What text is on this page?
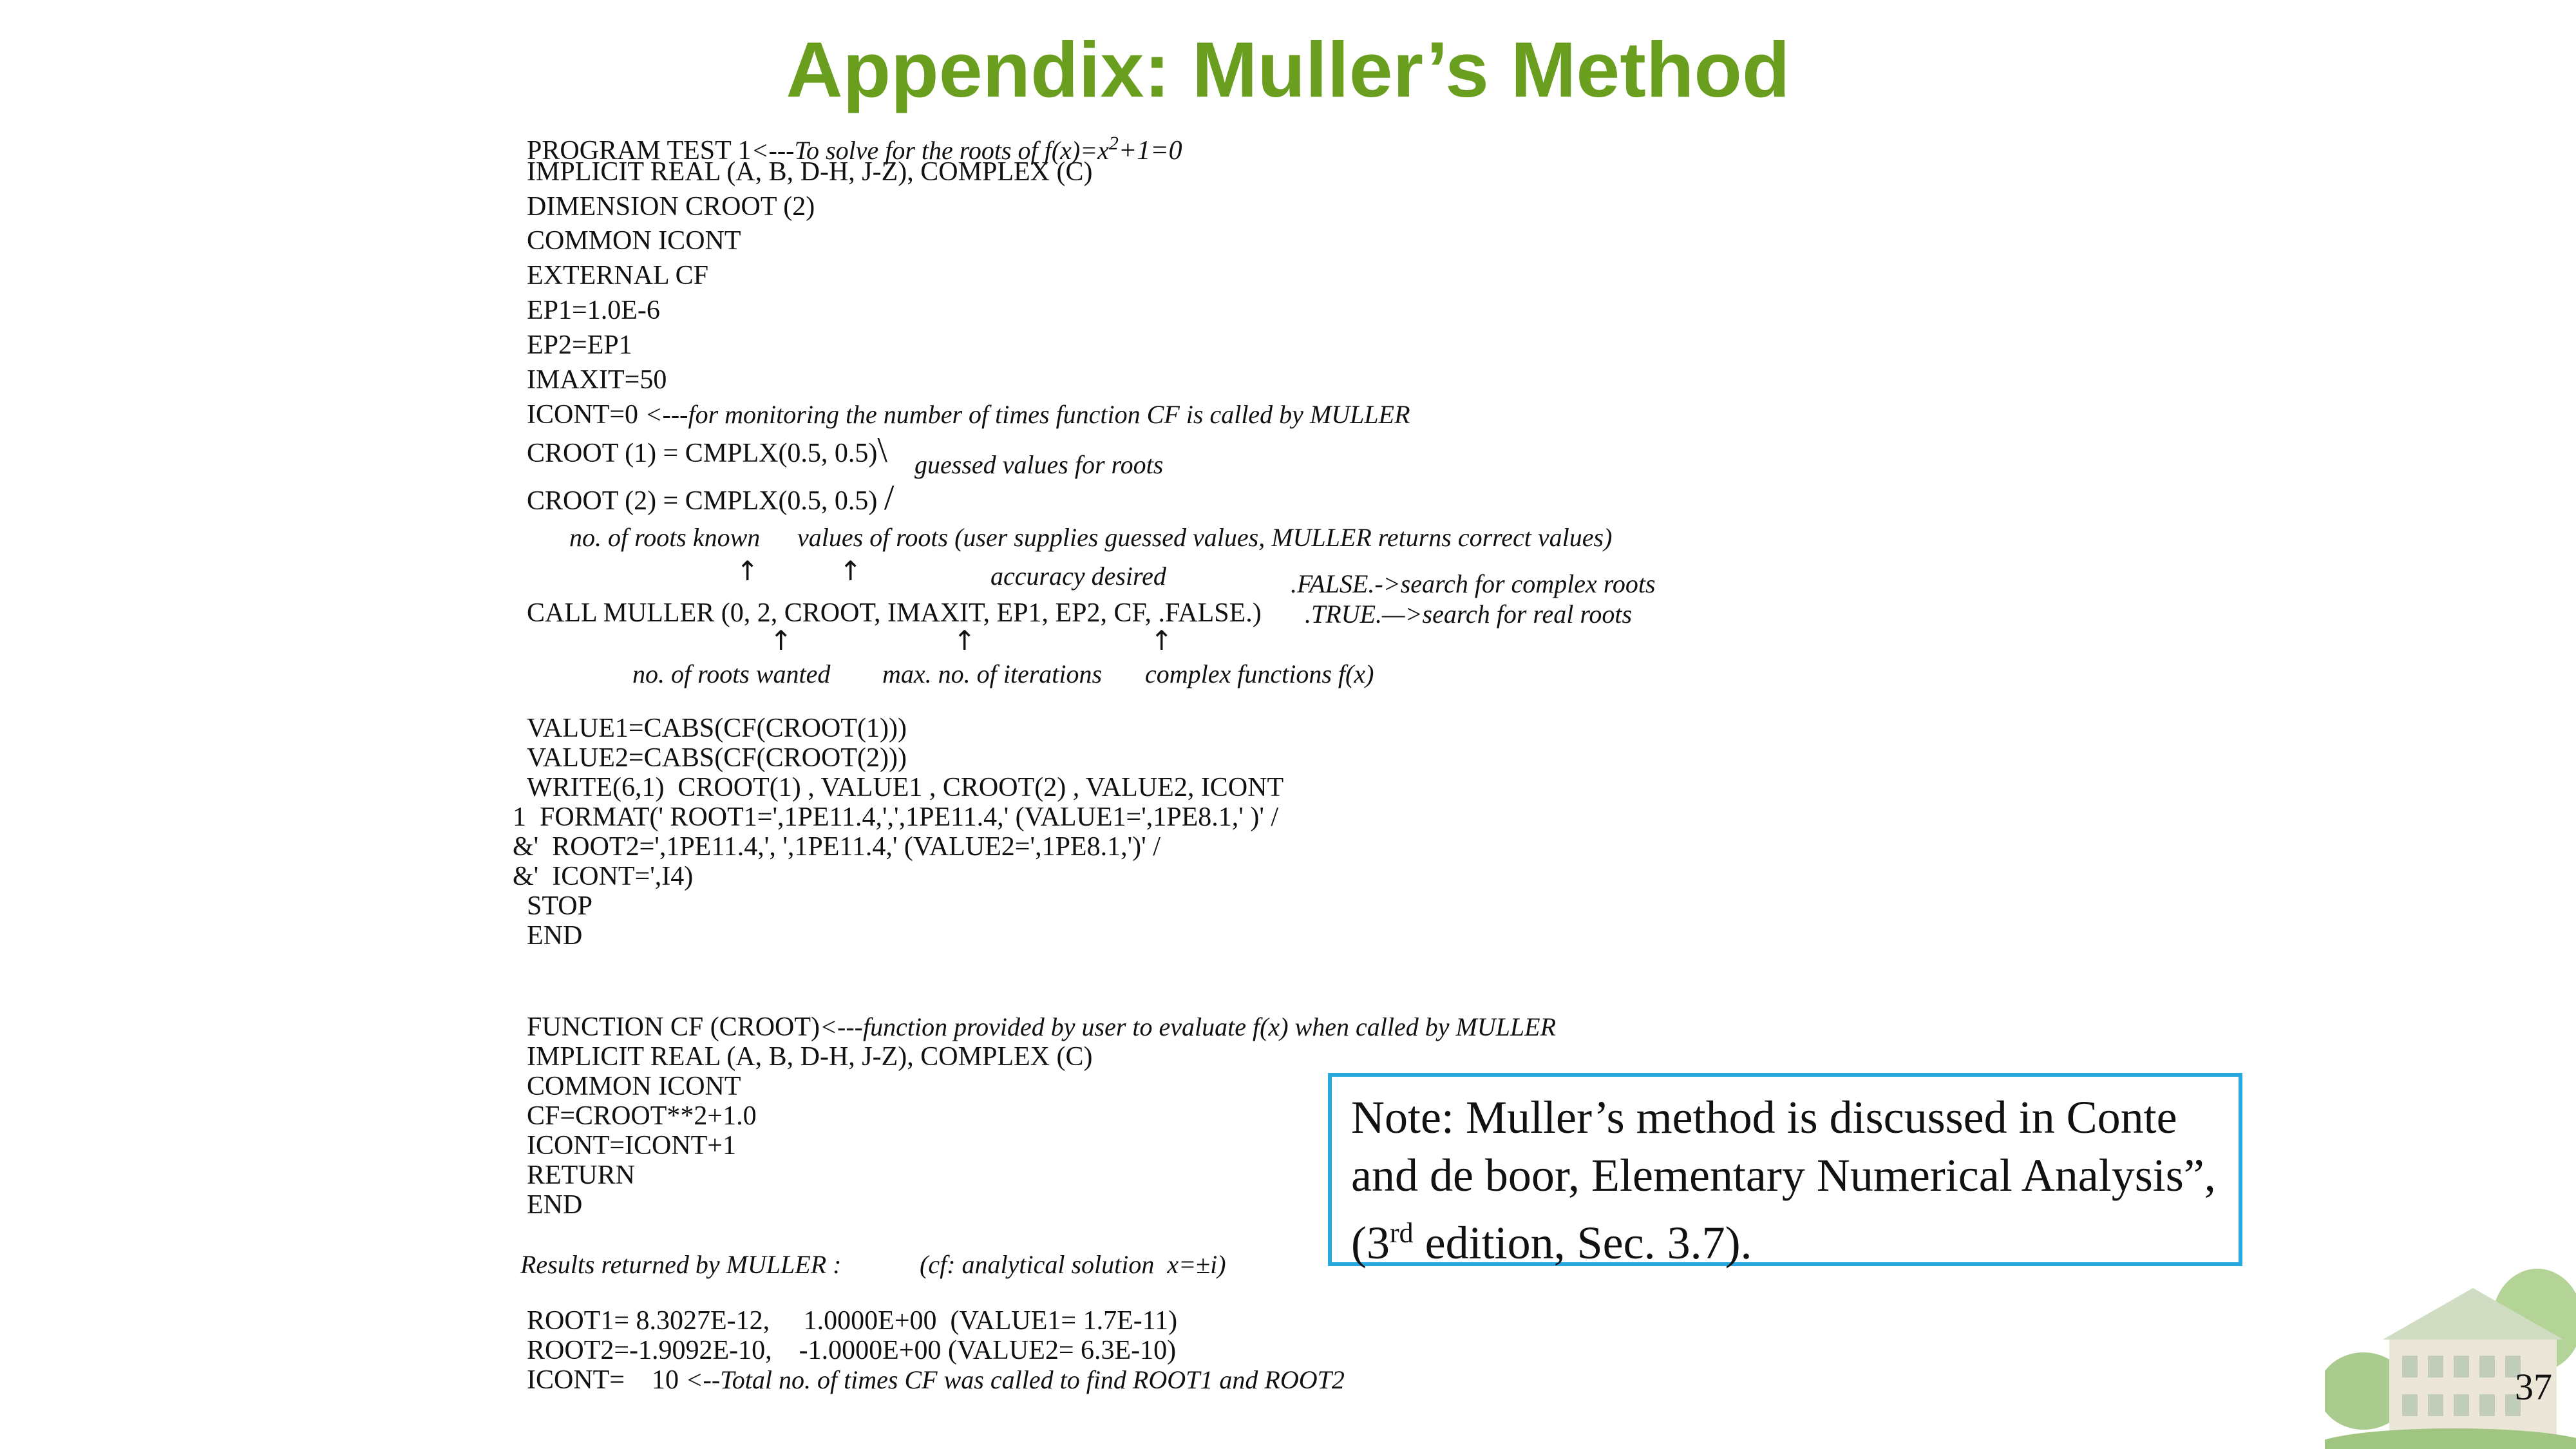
Appendix: Muller’s Method
PROGRAM TEST 1<---To solve for the roots of $f(x)=x^2+1=0$
IMPLICIT REAL (A, B, D-H, J-Z), COMPLEX (C)
DIMENSION CROOT (2)
COMMON ICONT
EXTERNAL CF
EP1=1.0E-6
EP2=EP1
IMAXIT=50
ICONT=0 <---for monitoring the number of times function CF is called by MULLER
CROOT (1) = CMPLX(0.5, 0.5)\ guessed values for roots
CROOT (2) = CMPLX(0.5, 0.5) /
no. of roots known values of roots (user supplies guessed values, MULLER returns correct values)
↑	↑	accuracy desired	.FALSE.->search for complex roots
CALL MULLER (0, 2, CROOT, IMAXIT, EP1, EP2, CF, .FALSE.) .TRUE.—>search for real roots
↑	↑	↑
no. of roots wanted max. no. of iterations complex functions f(x)
VALUE1=CABS(CF(CROOT(1)))
VALUE2=CABS(CF(CROOT(2)))
WRITE(6,1)  CROOT(1) , VALUE1 , CROOT(2) , VALUE2, ICONT
1  FORMAT(' ROOT1=',1PE11.4,',',1PE11.4,' (VALUE1=',1PE8.1,' )' /
&'  ROOT2=',1PE11.4,', ',1PE11.4,' (VALUE2=',1PE8.1,')' /
&'  ICONT=',I4)
STOP
END
FUNCTION CF (CROOT)<---function provided by user to evaluate f(x) when called by MULLER
IMPLICIT REAL (A, B, D-H, J-Z), COMPLEX (C)
COMMON ICONT
CF=CROOT**2+1.0
ICONT=ICONT+1
RETURN
END
Results returned by MULLER :	(cf: analytical solution  x=±i)
ROOT1= 8.3027E-12,     1.0000E+00  (VALUE1= 1.7E-11)
ROOT2=-1.9092E-10,    -1.0000E+00 (VALUE2= 6.3E-10)
ICONT=    10 <--Total no. of times CF was called to find ROOT1 and ROOT2
Note: Muller’s method is discussed in Conte and de boor, Elementary Numerical Analysis”, (3rd edition, Sec. 3.7).
37
